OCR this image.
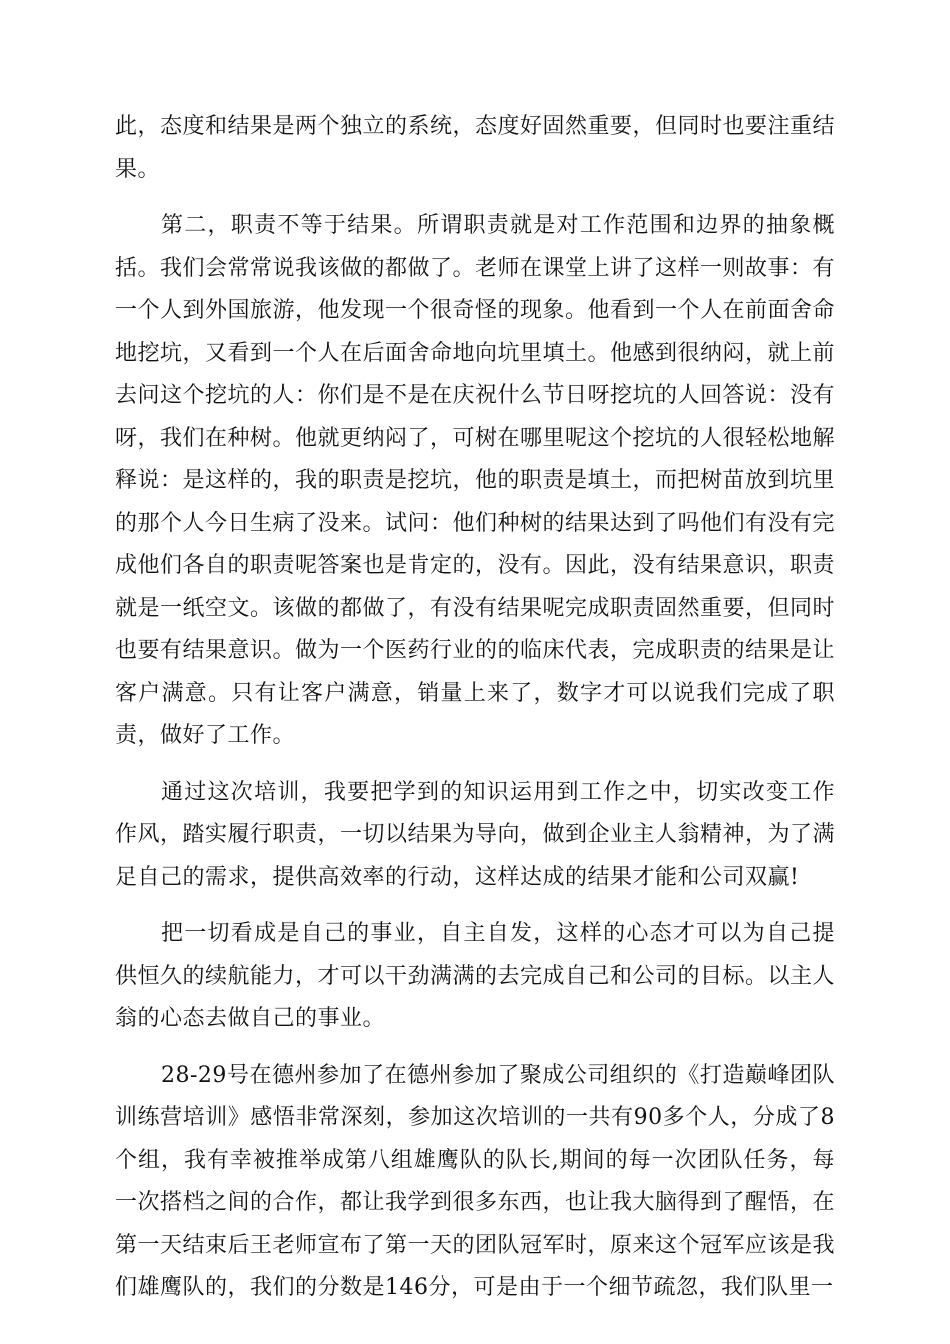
此，态度和结果是两个独立的系统，态度好固然重要，但同时也要注重结果。

第二，职责不等于结果。所谓职责就是对工作范围和边界的抽象概括。我们会常常说我该做的都做了。老师在课堂上讲了这样一则故事：有一个人到外国旅游，他发现一个很奇怪的现象。他看到一个人在前面舍命地挖坑，又看到一个人在后面舍命地向坑里填土。他感到很纳闷，就上前去问这个挖坑的人：你们是不是在庆祝什么节日呀挖坑的人回答说：没有呀，我们在种树。他就更纳闷了，可树在哪里呢这个挖坑的人很轻松地解释说：是这样的，我的职责是挖坑，他的职责是填土，而把树苗放到坑里的那个人今日生病了没来。试问：他们种树的结果达到了吗他们有没有完成他们各自的职责呢答案也是肯定的，没有。因此，没有结果意识，职责就是一纸空文。该做的都做了，有没有结果呢完成职责固然重要，但同时也要有结果意识。做为一个医药行业的的临床代表，完成职责的结果是让客户满意。只有让客户满意，销量上来了，数字才可以说我们完成了职责，做好了工作。

通过这次培训，我要把学到的知识运用到工作之中，切实改变工作作风，踏实履行职责，一切以结果为导向，做到企业主人翁精神，为了满足自己的需求，提供高效率的行动，这样达成的结果才能和公司双赢!

把一切看成是自己的事业，自主自发，这样的心态才可以为自己提供恒久的续航能力，才可以干劲满满的去完成自己和公司的目标。以主人翁的心态去做自己的事业。

28-29号在德州参加了在德州参加了聚成公司组织的《打造巅峰团队训练营培训》感悟非常深刻，参加这次培训的一共有90多个人，分成了8个组，我有幸被推举成第八组雄鹰队的队长,期间的每一次团队任务，每一次搭档之间的合作，都让我学到很多东西，也让我大脑得到了醒悟，在第一天结束后王老师宣布了第一天的团队冠军时，原来这个冠军应该是我们雄鹰队的，我们的分数是146分，可是由于一个细节疏忽，我们队里一
